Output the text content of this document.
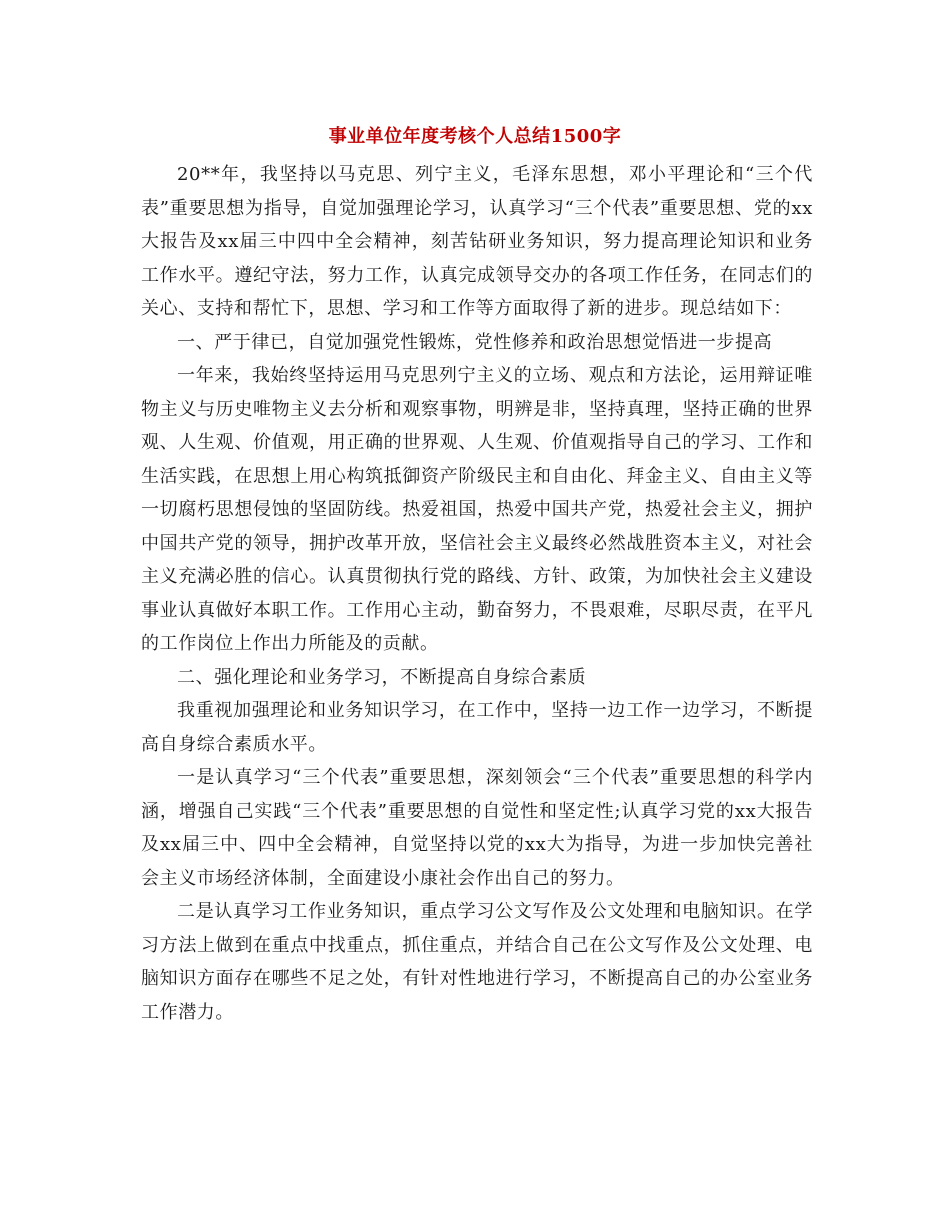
事业单位年度考核个人总结1500字

20**年，我坚持以马克思、列宁主义，毛泽东思想，邓小平理论和“三个代表”重要思想为指导，自觉加强理论学习，认真学习“三个代表”重要思想、党的xx大报告及xx届三中四中全会精神，刻苦钻研业务知识，努力提高理论知识和业务工作水平。遵纪守法，努力工作，认真完成领导交办的各项工作任务，在同志们的关心、支持和帮忙下，思想、学习和工作等方面取得了新的进步。现总结如下：

一、严于律已，自觉加强党性锻炼，党性修养和政治思想觉悟进一步提高

一年来，我始终坚持运用马克思列宁主义的立场、观点和方法论，运用辩证唯物主义与历史唯物主义去分析和观察事物，明辨是非，坚持真理，坚持正确的世界观、人生观、价值观，用正确的世界观、人生观、价值观指导自己的学习、工作和生活实践，在思想上用心构筑抵御资产阶级民主和自由化、拜金主义、自由主义等一切腐朽思想侵蚀的坚固防线。热爱祖国，热爱中国共产党，热爱社会主义，拥护中国共产党的领导，拥护改革开放，坚信社会主义最终必然战胜资本主义，对社会主义充满必胜的信心。认真贯彻执行党的路线、方针、政策，为加快社会主义建设事业认真做好本职工作。工作用心主动，勤奋努力，不畏艰难，尽职尽责，在平凡的工作岗位上作出力所能及的贡献。

二、强化理论和业务学习，不断提高自身综合素质

我重视加强理论和业务知识学习，在工作中，坚持一边工作一边学习，不断提高自身综合素质水平。

一是认真学习“三个代表”重要思想，深刻领会“三个代表”重要思想的科学内涵，增强自己实践“三个代表”重要思想的自觉性和坚定性;认真学习党的xx大报告及xx届三中、四中全会精神，自觉坚持以党的xx大为指导，为进一步加快完善社会主义市场经济体制，全面建设小康社会作出自己的努力。

二是认真学习工作业务知识，重点学习公文写作及公文处理和电脑知识。在学习方法上做到在重点中找重点，抓住重点，并结合自己在公文写作及公文处理、电脑知识方面存在哪些不足之处，有针对性地进行学习，不断提高自己的办公室业务工作潜力。
